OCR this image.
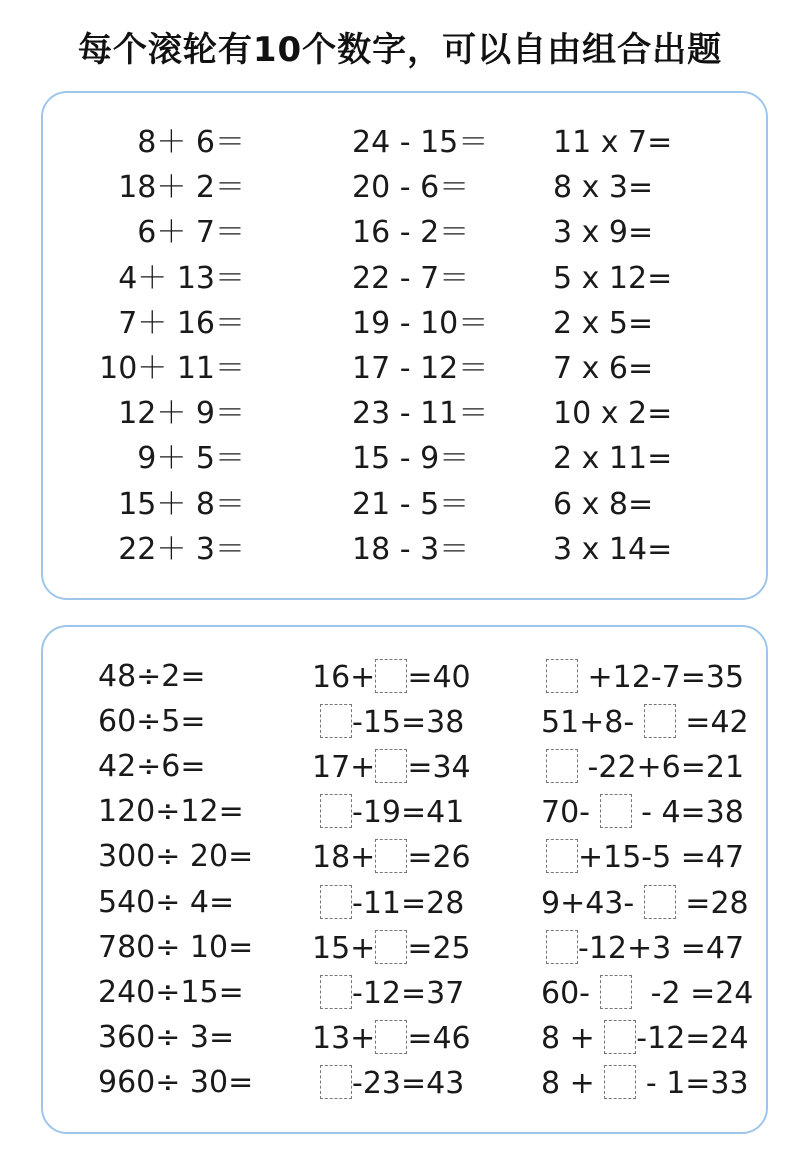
每个滚轮有10个数字，可以自由组合出题
8＋ 6＝
18＋ 2＝
6＋ 7＝
4＋ 13＝
7＋ 16＝
10＋ 11＝
12＋ 9＝
9＋ 5＝
15＋ 8＝
22＋ 3＝
24 - 15＝
20 - 6＝
16 - 2＝
22 - 7＝
19 - 10＝
17 - 12＝
23 - 11＝
15 - 9＝
21 - 5＝
18 - 3＝
11 x 7=
8 x 3=
3 x 9=
5 x 12=
2 x 5=
7 x 6=
10 x 2=
2 x 11=
6 x 8=
3 x 14=
48÷2=
60÷5=
42÷6=
120÷12=
300÷ 20=
540÷ 4=
780÷ 10=
240÷15=
360÷ 3=
960÷ 30=
16+ =40
-15=38
17+ =34
-19=41
18+ =26
-11=28
15+ =25
-12=37
13+ =46
-23=43
+12-7=35
51+8-  =42
-22+6=21
70-  - 4=38
+15-5 =47
9+43-  =28
-12+3 =47
60-   -2 =24
8 + -12=24
8 +  - 1=33
